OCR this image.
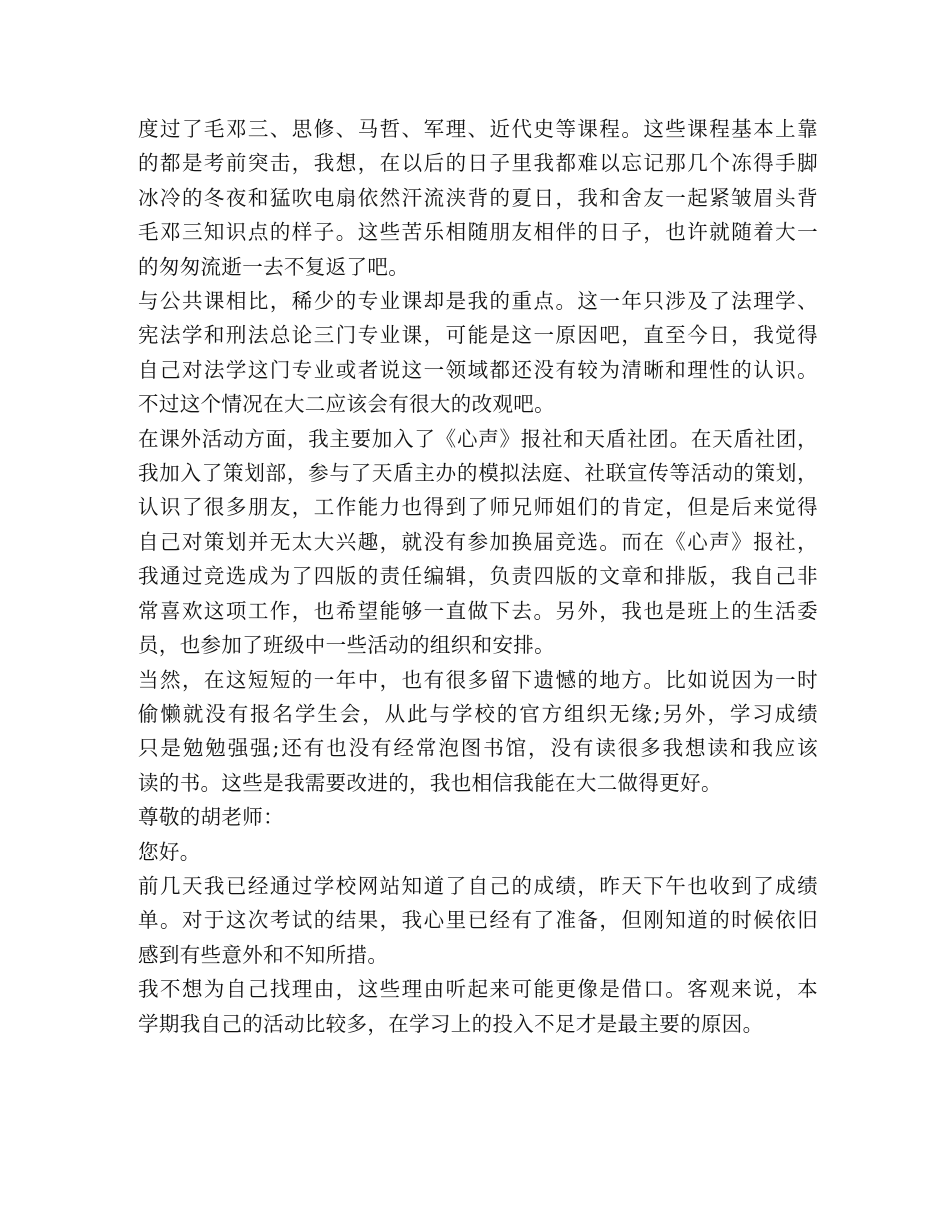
度过了毛邓三、思修、马哲、军理、近代史等课程。这些课程基本上靠
的都是考前突击，我想，在以后的日子里我都难以忘记那几个冻得手脚
冰冷的冬夜和猛吹电扇依然汗流浃背的夏日，我和舍友一起紧皱眉头背
毛邓三知识点的样子。这些苦乐相随朋友相伴的日子，也许就随着大一
的匆匆流逝一去不复返了吧。

与公共课相比，稀少的专业课却是我的重点。这一年只涉及了法理学、
宪法学和刑法总论三门专业课，可能是这一原因吧，直至今日，我觉得
自己对法学这门专业或者说这一领域都还没有较为清晰和理性的认识。
不过这个情况在大二应该会有很大的改观吧。

在课外活动方面，我主要加入了《心声》报社和天盾社团。在天盾社团，
我加入了策划部，参与了天盾主办的模拟法庭、社联宣传等活动的策划，
认识了很多朋友，工作能力也得到了师兄师姐们的肯定，但是后来觉得
自己对策划并无太大兴趣，就没有参加换届竞选。而在《心声》报社，
我通过竞选成为了四版的责任编辑，负责四版的文章和排版，我自己非
常喜欢这项工作，也希望能够一直做下去。另外，我也是班上的生活委
员，也参加了班级中一些活动的组织和安排。

当然，在这短短的一年中，也有很多留下遗憾的地方。比如说因为一时
偷懒就没有报名学生会，从此与学校的官方组织无缘;另外，学习成绩
只是勉勉强强;还有也没有经常泡图书馆，没有读很多我想读和我应该
读的书。这些是我需要改进的，我也相信我能在大二做得更好。

尊敬的胡老师：

您好。

前几天我已经通过学校网站知道了自己的成绩，昨天下午也收到了成绩
单。对于这次考试的结果，我心里已经有了准备，但刚知道的时候依旧
感到有些意外和不知所措。

我不想为自己找理由，这些理由听起来可能更像是借口。客观来说，本
学期我自己的活动比较多，在学习上的投入不足才是最主要的原因。
